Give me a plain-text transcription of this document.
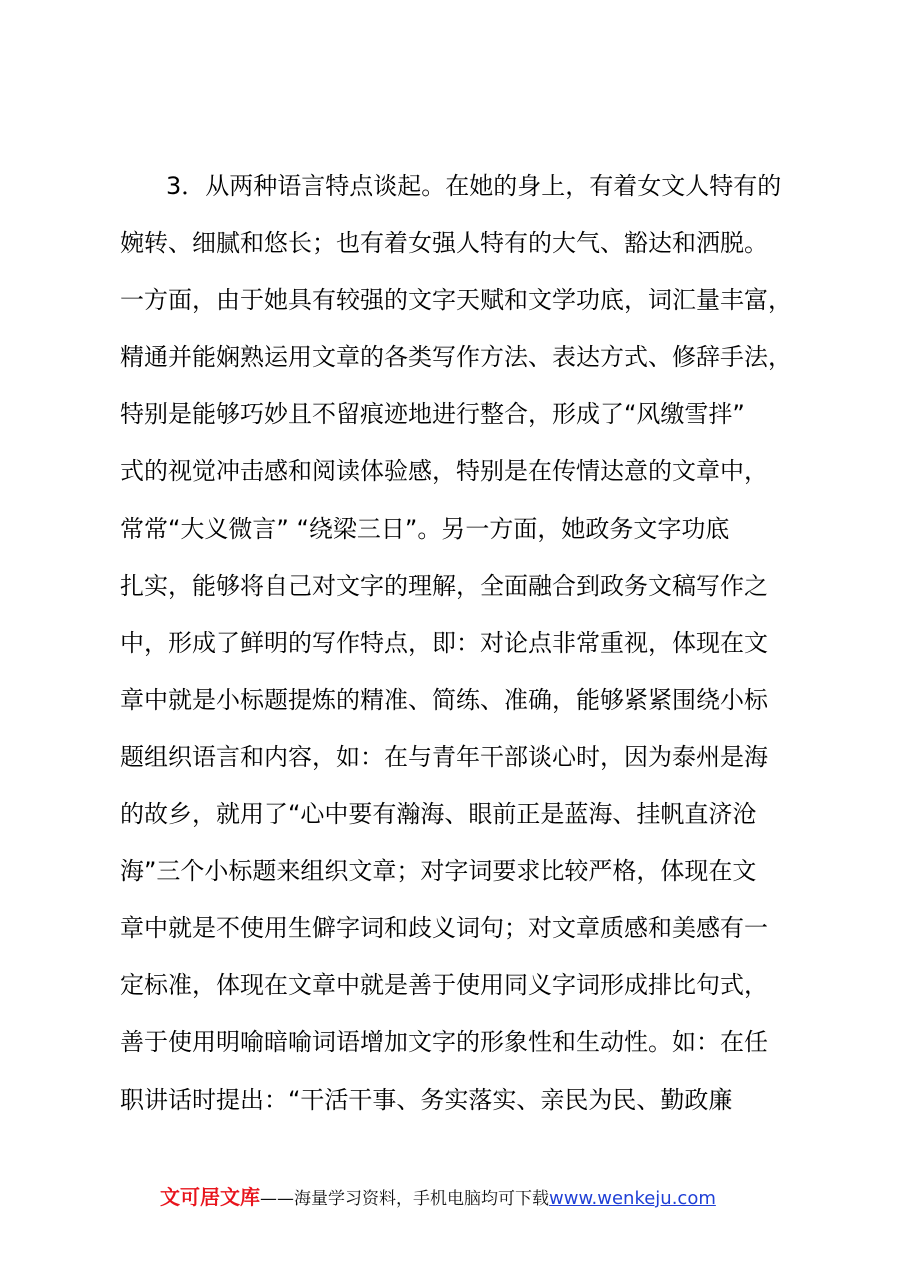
3．从两种语言特点谈起。在她的身上，有着女文人特有的
婉转、细腻和悠长；也有着女强人特有的大气、豁达和洒脱。
一方面，由于她具有较强的文字天赋和文学功底，词汇量丰富，
精通并能娴熟运用文章的各类写作方法、表达方式、修辞手法，
特别是能够巧妙且不留痕迹地进行整合，形成了“风缴雪拌”
式的视觉冲击感和阅读体验感，特别是在传情达意的文章中，
常常“大义微言” “绕梁三日”。另一方面，她政务文字功底
扎实，能够将自己对文字的理解，全面融合到政务文稿写作之
中，形成了鲜明的写作特点，即：对论点非常重视，体现在文
章中就是小标题提炼的精准、简练、准确，能够紧紧围绕小标
题组织语言和内容，如：在与青年干部谈心时，因为泰州是海
的故乡，就用了“心中要有瀚海、眼前正是蓝海、挂帆直济沧
海”三个小标题来组织文章；对字词要求比较严格，体现在文
章中就是不使用生僻字词和歧义词句；对文章质感和美感有一
定标准，体现在文章中就是善于使用同义字词形成排比句式，
善于使用明喻暗喻词语增加文字的形象性和生动性。如：在任
职讲话时提出：“干活干事、务实落实、亲民为民、勤政廉
文可居文库——海量学习资料，手机电脑均可下载www.wenkeju.com
